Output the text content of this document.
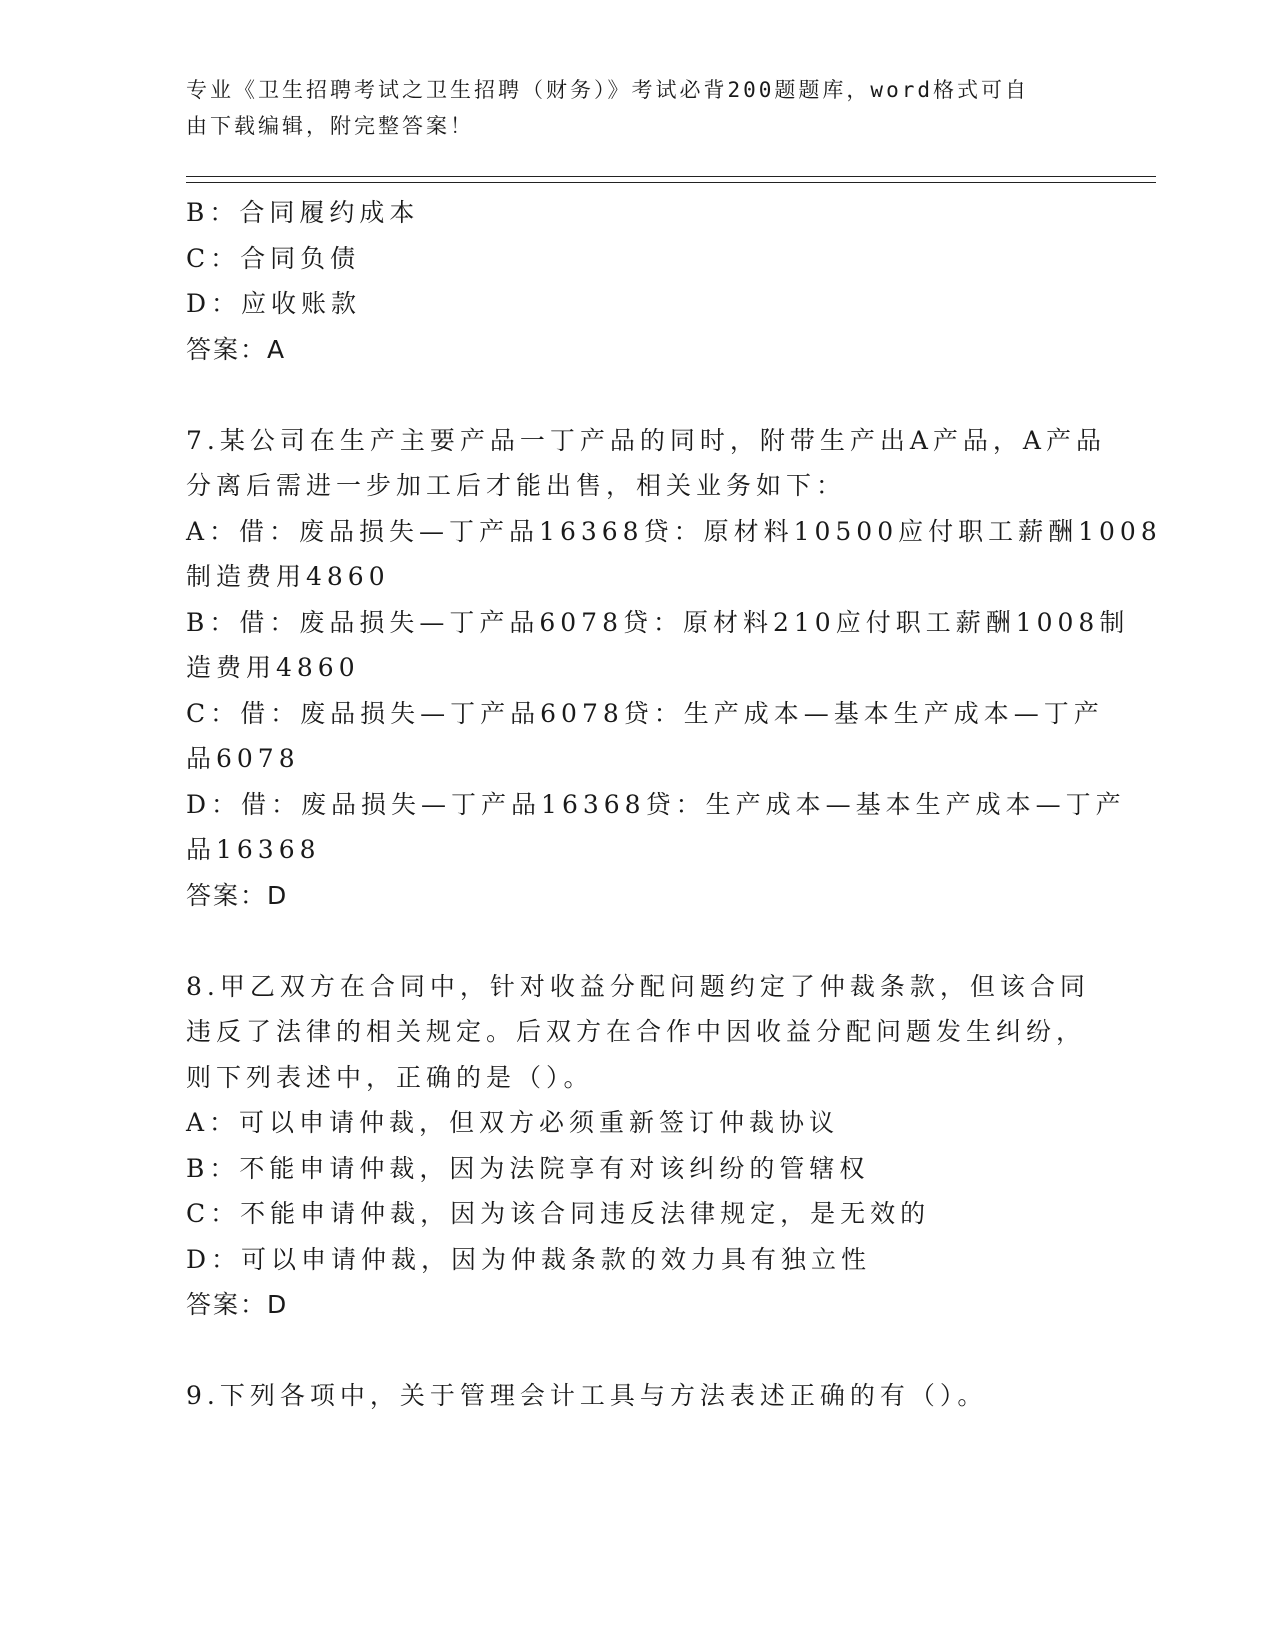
专业《卫生招聘考试之卫生招聘（财务）》考试必背200题题库，word格式可自
由下载编辑，附完整答案！
B：合同履约成本
C：合同负债
D：应收账款
答案：A
7.某公司在生产主要产品一丁产品的同时，附带生产出A产品，A产品
分离后需进一步加工后才能出售，相关业务如下：
A：借：废品损失—丁产品16368贷：原材料10500应付职工薪酬1008
制造费用4860
B：借：废品损失—丁产品6078贷：原材料210应付职工薪酬1008制
造费用4860
C：借：废品损失—丁产品6078贷：生产成本—基本生产成本—丁产
品6078
D：借：废品损失—丁产品16368贷：生产成本—基本生产成本—丁产
品16368
答案：D
8.甲乙双方在合同中，针对收益分配问题约定了仲裁条款，但该合同
违反了法律的相关规定。后双方在合作中因收益分配问题发生纠纷，
则下列表述中，正确的是（）。
A：可以申请仲裁，但双方必须重新签订仲裁协议
B：不能申请仲裁，因为法院享有对该纠纷的管辖权
C：不能申请仲裁，因为该合同违反法律规定，是无效的
D：可以申请仲裁，因为仲裁条款的效力具有独立性
答案：D
9.下列各项中，关于管理会计工具与方法表述正确的有（）。
